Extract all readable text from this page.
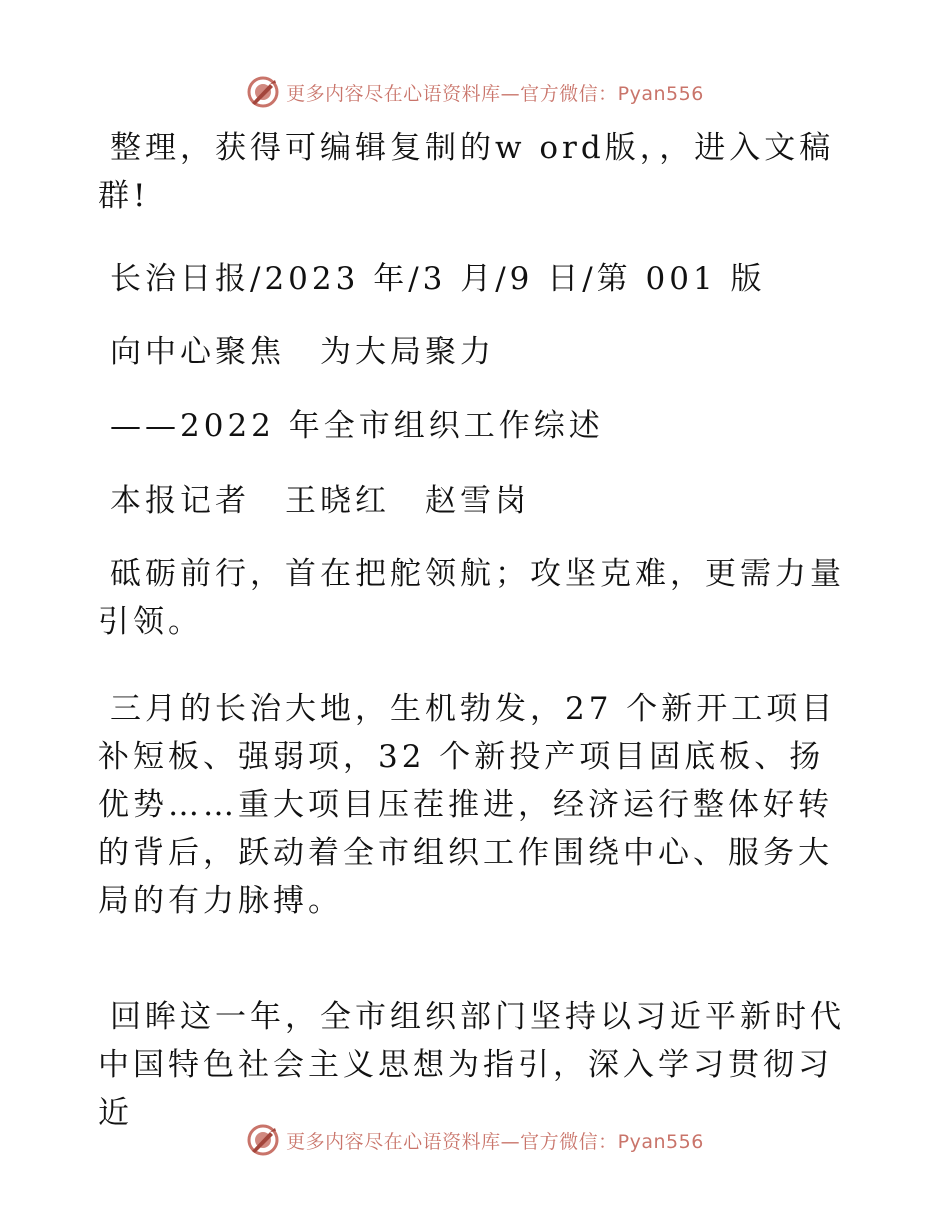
更多内容尽在心语资料库—官方微信：Pyan556
整理，获得可编辑复制的w ord版，，进入文稿群!
长治日报/2023 年/3 月/9 日/第 001 版
向中心聚焦　为大局聚力
——2022 年全市组织工作综述
本报记者　王晓红　赵雪岗
砥砺前行，首在把舵领航；攻坚克难，更需力量引领。
三月的长治大地，生机勃发，27 个新开工项目补短板、强弱项，32 个新投产项目固底板、扬优势……重大项目压茬推进，经济运行整体好转的背后，跃动着全市组织工作围绕中心、服务大局的有力脉搏。
回眸这一年，全市组织部门坚持以习近平新时代中国特色社会主义思想为指引，深入学习贯彻习近
更多内容尽在心语资料库—官方微信：Pyan556
